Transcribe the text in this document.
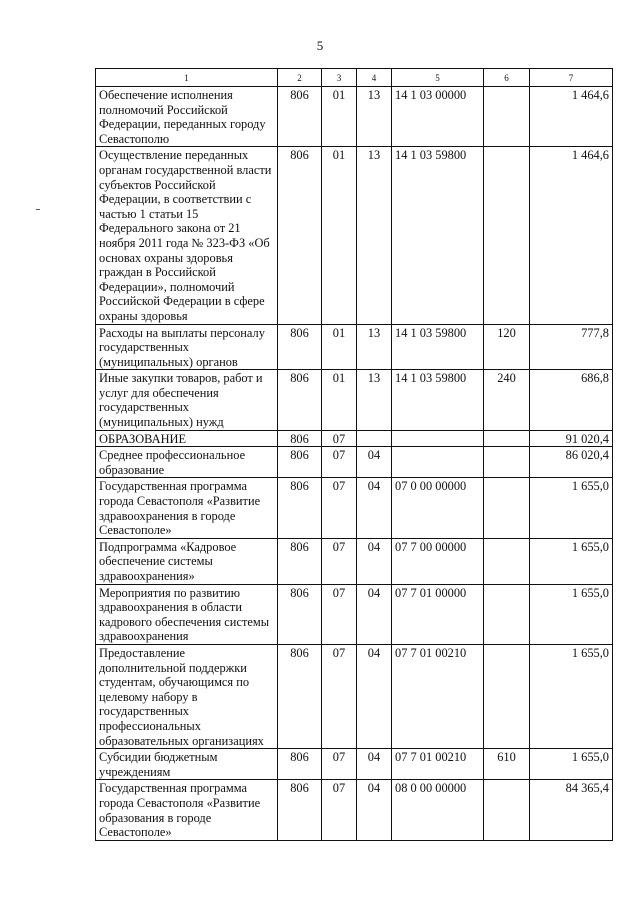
5
1	2	3	4	5	6	7
Обеспечение исполнения полномочий Российской Федерации, переданных городу Севастополю	806	01	13	14 1 03 00000		1 464,6
Осуществление переданных органам государственной власти субъектов Российской Федерации, в соответствии с частью 1 статьи 15 Федерального закона от 21 ноября 2011 года № 323-ФЗ «Об основах охраны здоровья граждан в Российской Федерации», полномочий Российской Федерации в сфере охраны здоровья	806	01	13	14 1 03 59800		1 464,6
Расходы на выплаты персоналу государственных (муниципальных) органов	806	01	13	14 1 03 59800	120	777,8
Иные закупки товаров, работ и услуг для обеспечения государственных (муниципальных) нужд	806	01	13	14 1 03 59800	240	686,8
ОБРАЗОВАНИЕ	806	07				91 020,4
Среднее профессиональное образование	806	07	04			86 020,4
Государственная программа города Севастополя «Развитие здравоохранения в городе Севастополе»	806	07	04	07 0 00 00000		1 655,0
Подпрограмма «Кадровое обеспечение системы здравоохранения»	806	07	04	07 7 00 00000		1 655,0
Мероприятия по развитию здравоохранения в области кадрового обеспечения системы здравоохранения	806	07	04	07 7 01 00000		1 655,0
Предоставление дополнительной поддержки студентам, обучающимся по целевому набору в государственных профессиональных образовательных организациях	806	07	04	07 7 01 00210		1 655,0
Субсидии бюджетным учреждениям	806	07	04	07 7 01 00210	610	1 655,0
Государственная программа города Севастополя «Развитие образования в городе Севастополе»	806	07	04	08 0 00 00000		84 365,4
